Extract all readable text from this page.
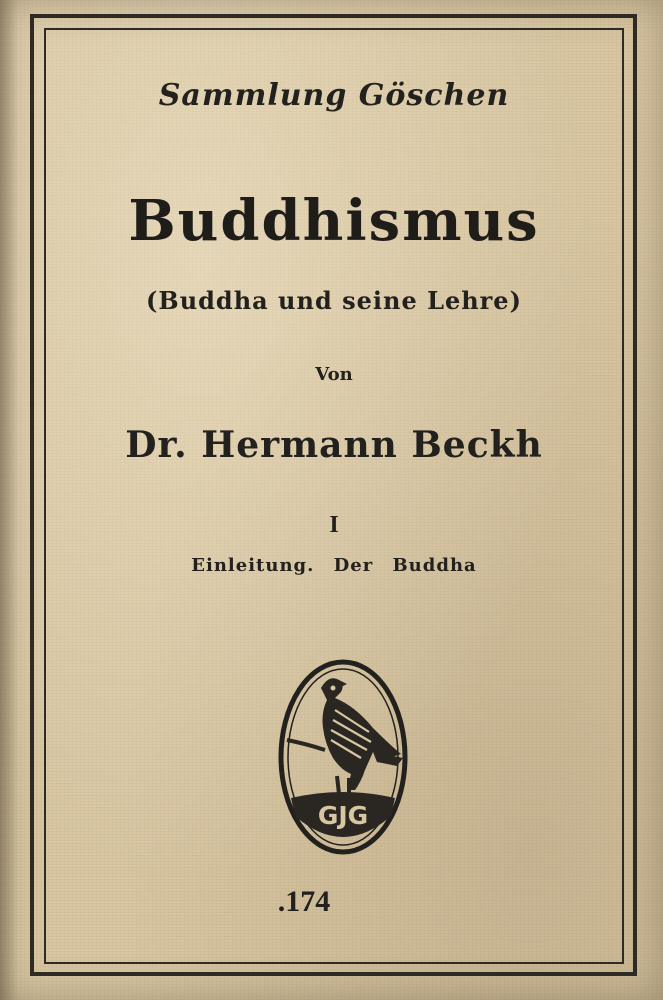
Sammlung Göschen

Buddhismus

(Buddha und seine Lehre)

Von

Dr. Hermann Beckh

I

Einleitung. Der Buddha

GJG

.174
